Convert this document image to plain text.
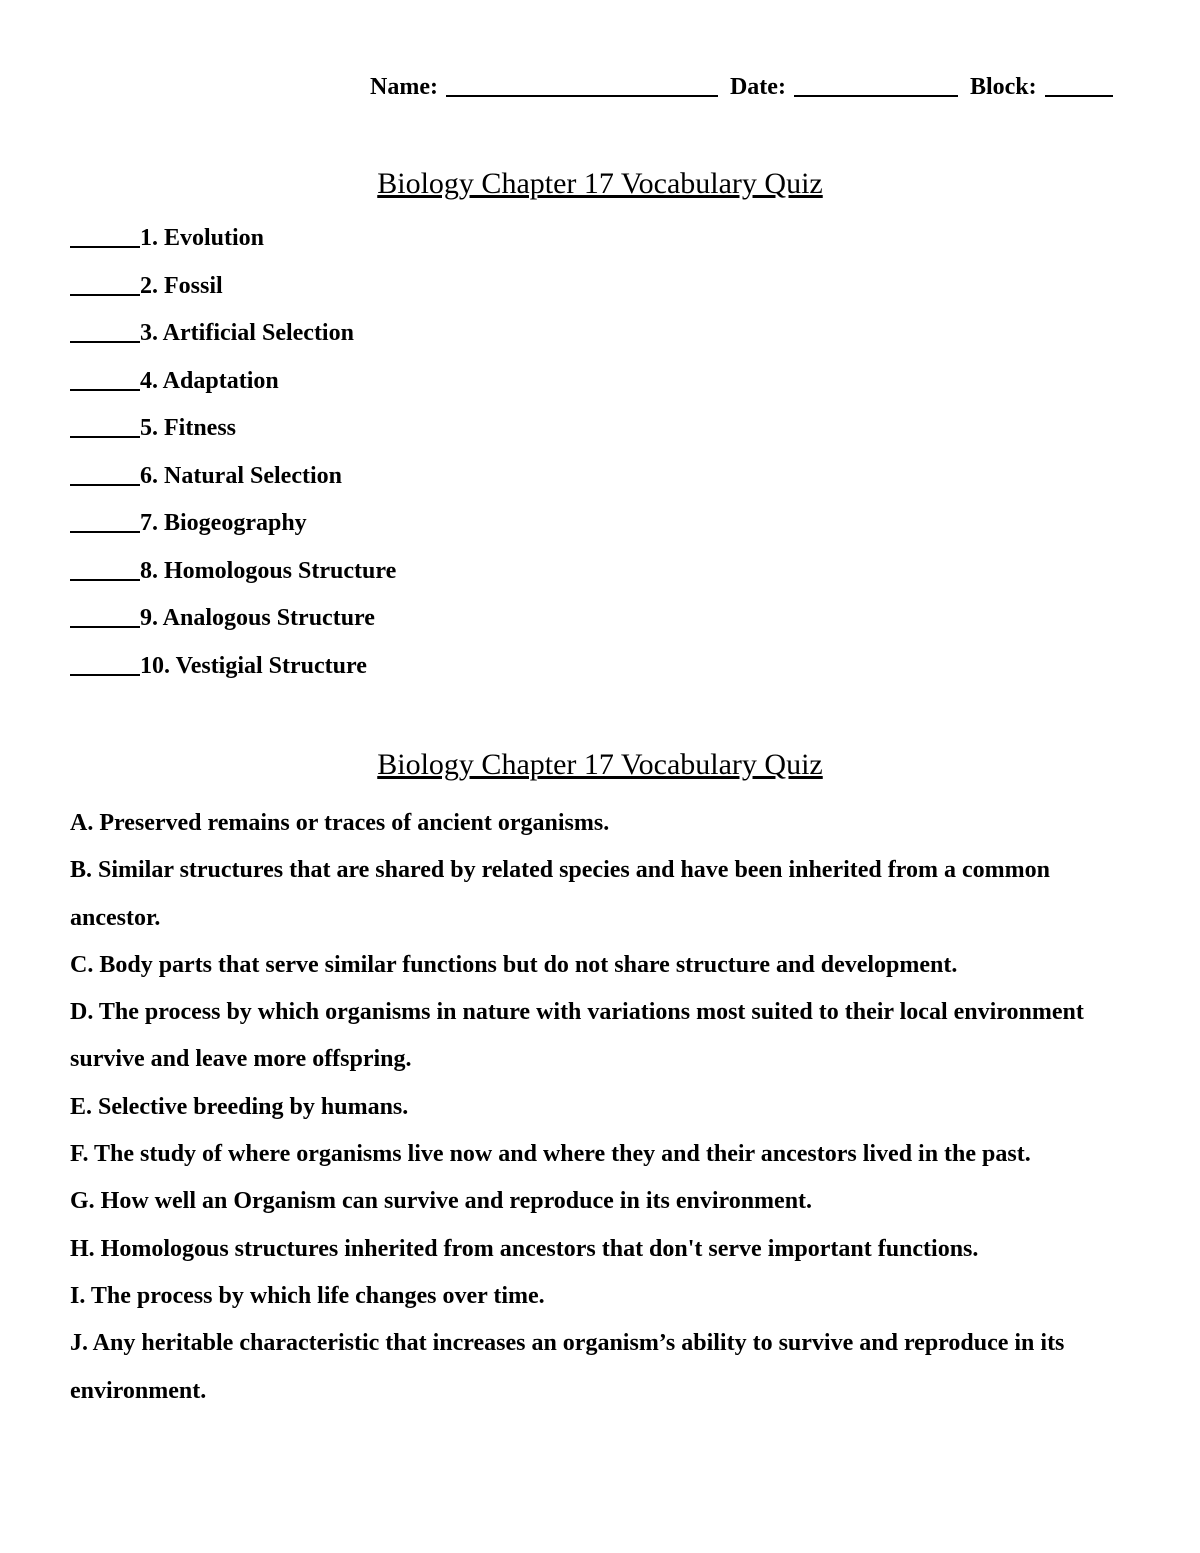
Name:	Date:	Block:
Biology Chapter 17 Vocabulary Quiz
1. Evolution
2. Fossil
3. Artificial Selection
4. Adaptation
5. Fitness
6. Natural Selection
7. Biogeography
8. Homologous Structure
9. Analogous Structure
10. Vestigial Structure
Biology Chapter 17 Vocabulary Quiz

A. Preserved remains or traces of ancient organisms.

B. Similar structures that are shared by related species and have been inherited from a common ancestor.

C. Body parts that serve similar functions but do not share structure and development.

D. The process by which organisms in nature with variations most suited to their local environment survive and leave more offspring.

E. Selective breeding by humans.

F. The study of where organisms live now and where they and their ancestors lived in the past.

G. How well an Organism can survive and reproduce in its environment.

H. Homologous structures inherited from ancestors that don't serve important functions.

I. The process by which life changes over time.

J. Any heritable characteristic that increases an organism’s ability to survive and reproduce in its environment.
